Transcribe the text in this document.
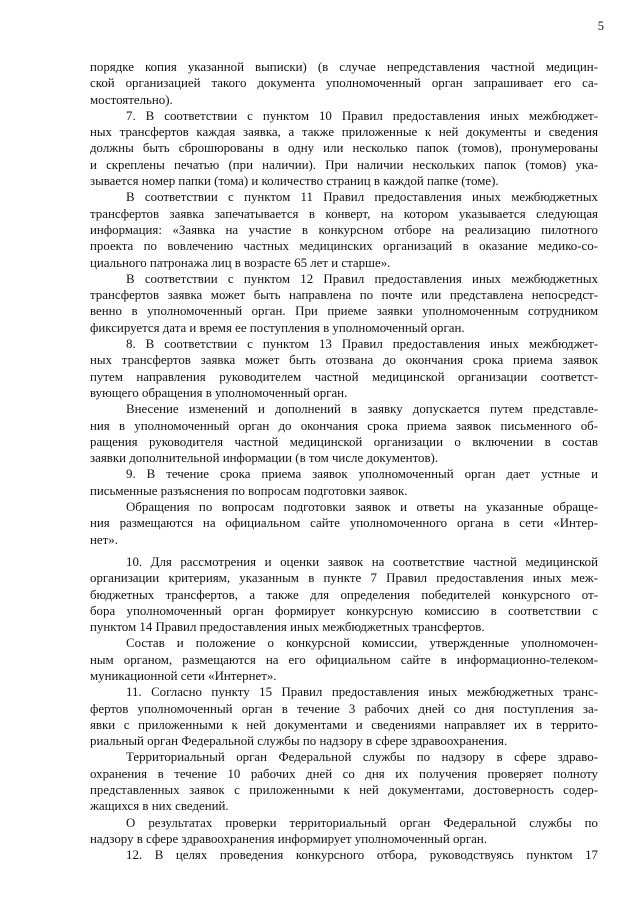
5
порядке копия указанной выписки) (в случае непредставления частной медицин-
ской организацией такого документа уполномоченный орган запрашивает его са-
мостоятельно).
7. В соответствии с пунктом 10 Правил предоставления иных межбюджет-
ных трансфертов каждая заявка, а также приложенные к ней документы и сведения
должны быть сброшюрованы в одну или несколько папок (томов), пронумерованы
и скреплены печатью (при наличии). При наличии нескольких папок (томов) ука-
зывается номер папки (тома) и количество страниц в каждой папке (томе).
В соответствии с пунктом 11 Правил предоставления иных межбюджетных
трансфертов заявка запечатывается в конверт, на котором указывается следующая
информация: «Заявка на участие в конкурсном отборе на реализацию пилотного
проекта по вовлечению частных медицинских организаций в оказание медико-со-
циального патронажа лиц в возрасте 65 лет и старше».
В соответствии с пунктом 12 Правил предоставления иных межбюджетных
трансфертов заявка может быть направлена по почте или представлена непосредст-
венно в уполномоченный орган. При приеме заявки уполномоченным сотрудником
фиксируется дата и время ее поступления в уполномоченный орган.
8. В соответствии с пунктом 13 Правил предоставления иных межбюджет-
ных трансфертов заявка может быть отозвана до окончания срока приема заявок
путем направления руководителем частной медицинской организации соответст-
вующего обращения в уполномоченный орган.
Внесение изменений и дополнений в заявку допускается путем представле-
ния в уполномоченный орган до окончания срока приема заявок письменного об-
ращения руководителя частной медицинской организации о включении в состав
заявки дополнительной информации (в том числе документов).
9. В течение срока приема заявок уполномоченный орган дает устные и
письменные разъяснения по вопросам подготовки заявок.
Обращения по вопросам подготовки заявок и ответы на указанные обраще-
ния размещаются на официальном сайте уполномоченного органа в сети «Интер-
нет».
10. Для рассмотрения и оценки заявок на соответствие частной медицинской
организации критериям, указанным в пункте 7 Правил предоставления иных меж-
бюджетных трансфертов, а также для определения победителей конкурсного от-
бора уполномоченный орган формирует конкурсную комиссию в соответствии с
пунктом 14 Правил предоставления иных межбюджетных трансфертов.
Состав и положение о конкурсной комиссии, утвержденные уполномочен-
ным органом, размещаются на его официальном сайте в информационно-телеком-
муникационной сети «Интернет».
11. Согласно пункту 15 Правил предоставления иных межбюджетных транс-
фертов уполномоченный орган в течение 3 рабочих дней со дня поступления за-
явки с приложенными к ней документами и сведениями направляет их в террито-
риальный орган Федеральной службы по надзору в сфере здравоохранения.
Территориальный орган Федеральной службы по надзору в сфере здраво-
охранения в течение 10 рабочих дней со дня их получения проверяет полноту
представленных заявок с приложенными к ней документами, достоверность содер-
жащихся в них сведений.
О результатах проверки территориальный орган Федеральной службы по
надзору в сфере здравоохранения информирует уполномоченный орган.
12. В целях проведения конкурсного отбора, руководствуясь пунктом 17
